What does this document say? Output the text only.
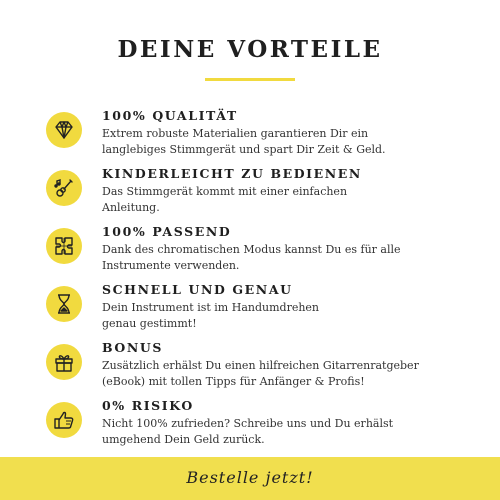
DEINE VORTEILE
100% QUALITÄT
Extrem robuste Materialien garantieren Dir ein
langlebiges Stimmgerät und spart Dir Zeit & Geld.
KINDERLEICHT ZU BEDIENEN
Das Stimmgerät kommt mit einer einfachen
Anleitung.
100% PASSEND
Dank des chromatischen Modus kannst Du es für alle
Instrumente verwenden.
SCHNELL UND GENAU
Dein Instrument ist im Handumdrehen
genau gestimmt!
BONUS
Zusätzlich erhälst Du einen hilfreichen Gitarrenratgeber
(eBook) mit tollen Tipps für Anfänger & Profis!
0% RISIKO
Nicht 100% zufrieden? Schreibe uns und Du erhälst
umgehend Dein Geld zurück.
Bestelle jetzt!
